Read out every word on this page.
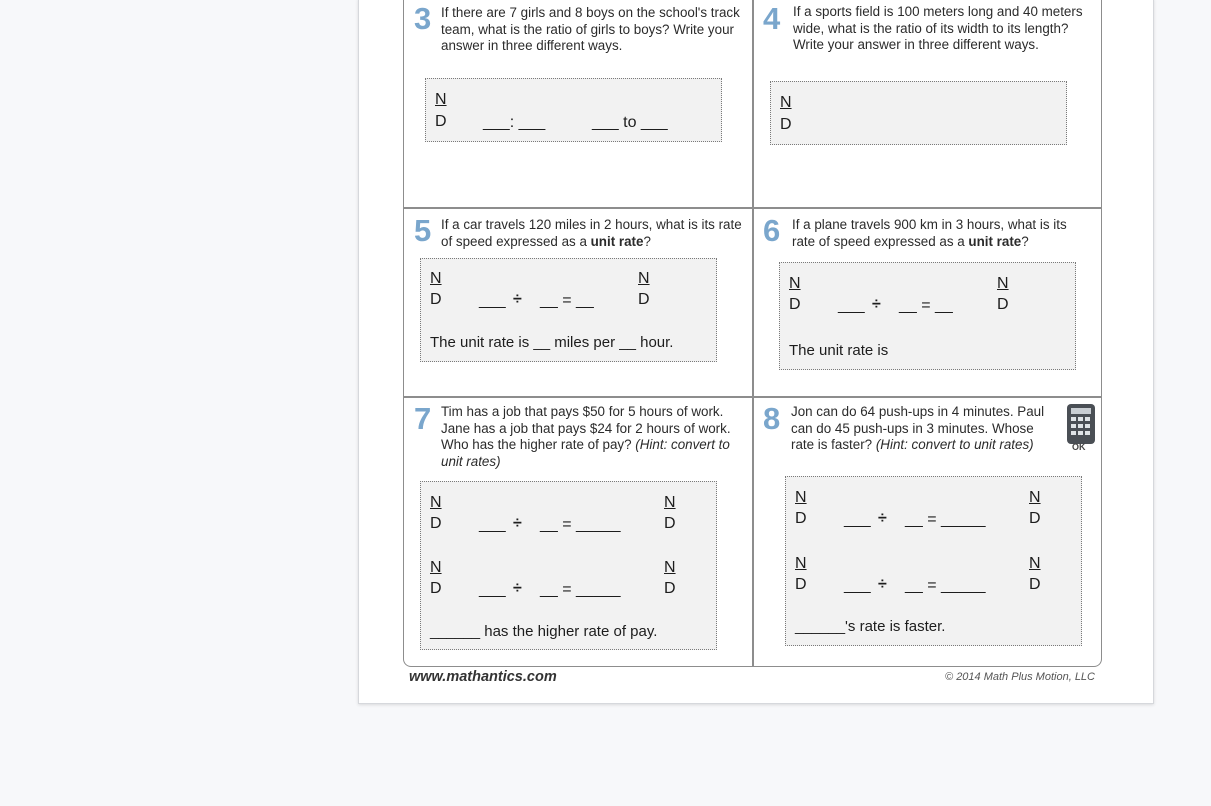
3 If there are 7 girls and 8 boys on the school's track team, what is the ratio of girls to boys? Write your answer in three different ways.
N
D ___: ___	___ to ___
4 If a sports field is 100 meters long and 40 meters wide, what is the ratio of its width to its length? Write your answer in three different ways.
$\frac{N}{D}$
5 If a car travels 120 miles in 2 hours, what is its rate of speed expressed as a unit rate?
N
D ___ ÷ __ = __
N
D
The unit rate is __ miles per __ hour.
6 If a plane travels 900 km in 3 hours, what is its rate of speed expressed as a unit rate?
N
D ___ ÷ __ = __
N
D
The unit rate is
7 Tim has a job that pays $50 for 5 hours of work. Jane has a job that pays $24 for 2 hours of work. Who has the higher rate of pay? (Hint: convert to unit rates)
N
D ___ ÷ __ = _____
N
D
N
D ___ ÷ __ = _____
N
D
______ has the higher rate of pay.
8 Jon can do 64 push-ups in 4 minutes. Paul can do 45 push-ups in 3 minutes. Whose rate is faster? (Hint: convert to unit rates)	OK
N
D ___ ÷ __ = _____
N
D
N
D ___ ÷ __ = _____
N
D
______'s rate is faster.
www.mathantics.com	© 2014 Math Plus Motion, LLC
